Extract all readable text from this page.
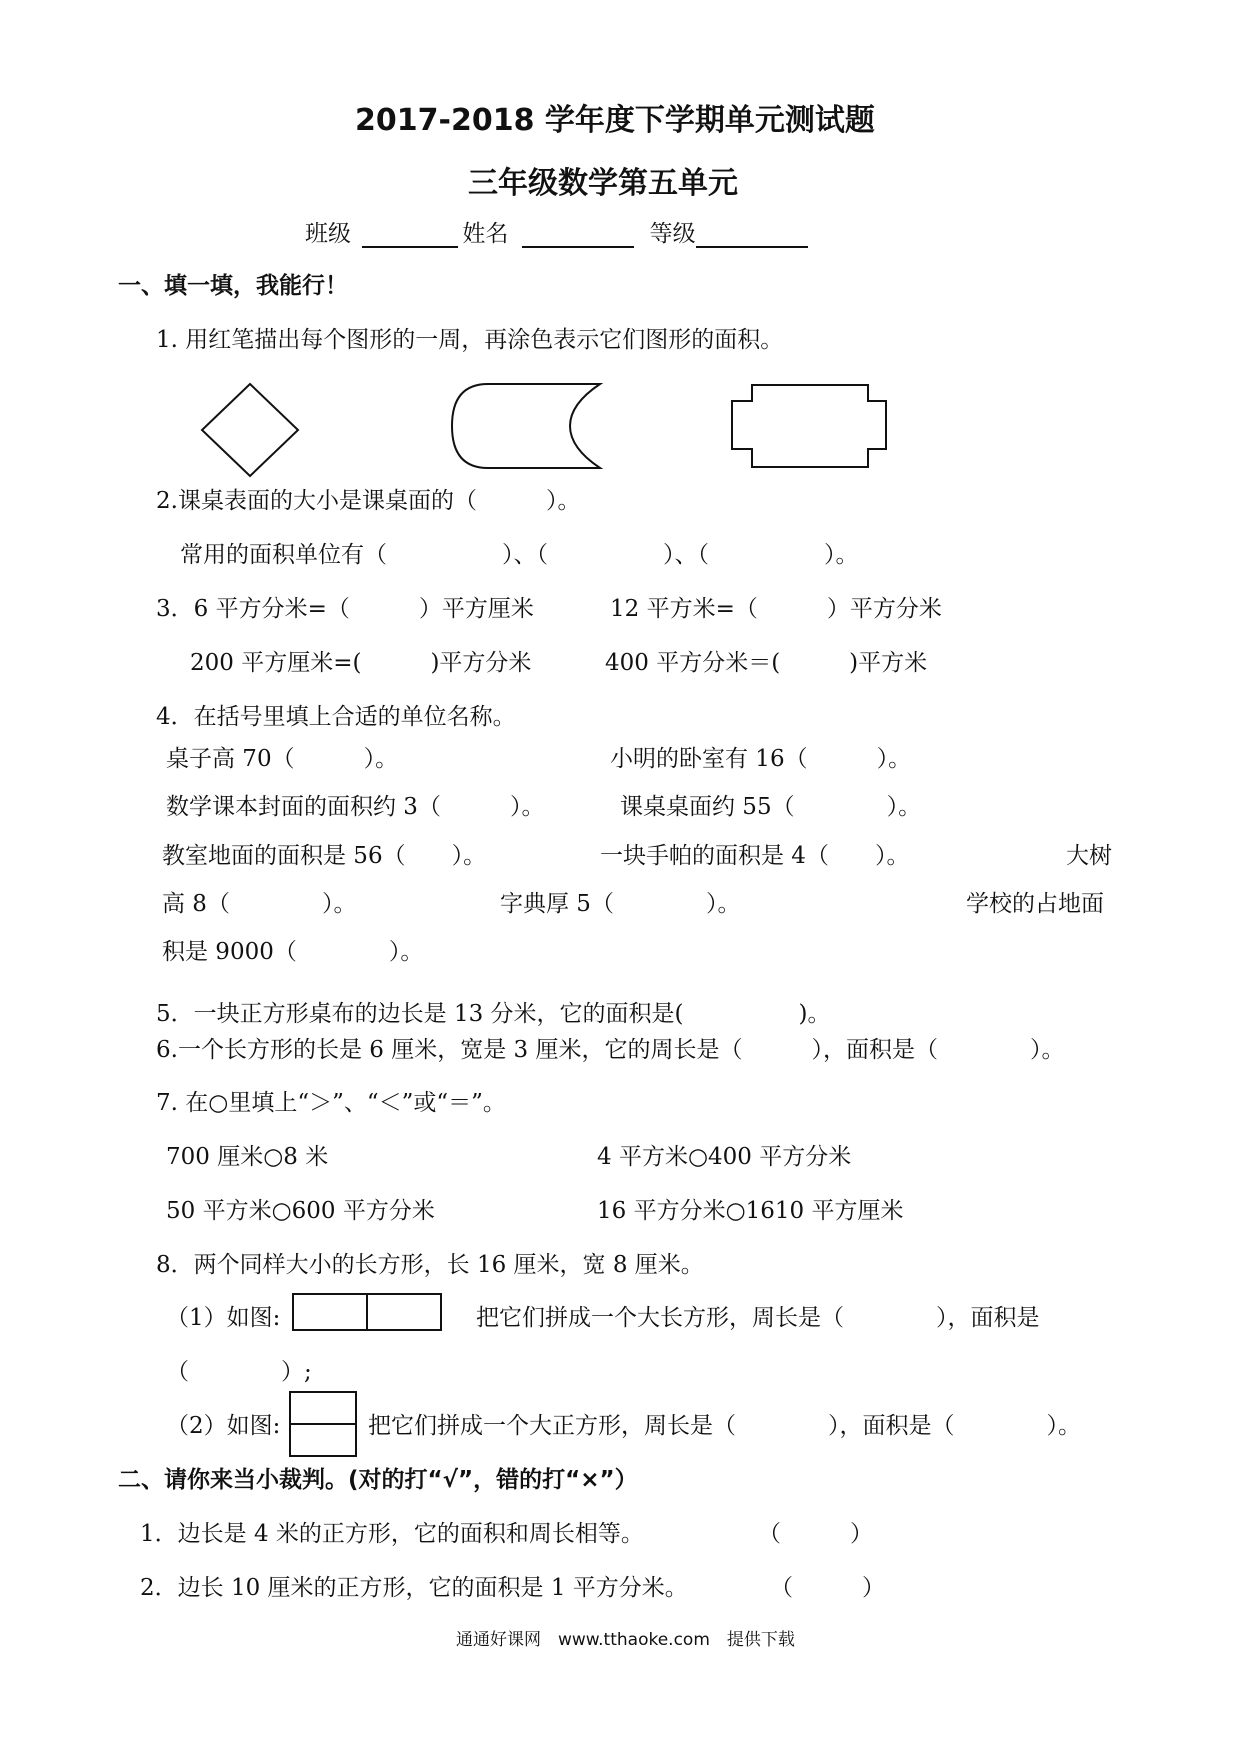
2017-2018 学年度下学期单元测试题
三年级数学第五单元
班级	姓名	等级
一、填一填，我能行！
1. 用红笔描出每个图形的一周，再涂色表示它们图形的面积。
2.课桌表面的大小是课桌面的（　　　）。
常用的面积单位有（　　　　　）、（　　　　　）、（　　　　　）。
3．6 平方分米=（　　　）平方厘米	12 平方米=（　　　）平方分米
200 平方厘米=(　　　)平方分米	400 平方分米＝(　　　)平方米
4．在括号里填上合适的单位名称。
桌子高 70（　　　）。	小明的卧室有 16（　　　）。
数学课本封面的面积约 3（　　　）。	课桌桌面约 55（　　　　）。
教室地面的面积是 56（　　）。	一块手帕的面积是 4（　　）。	大树
高 8（　　　　）。	字典厚 5（　　　　）。	学校的占地面
积是 9000（　　　　）。
5．一块正方形桌布的边长是 13 分米，它的面积是(　　　　　)。
6.一个长方形的长是 6 厘米，宽是 3 厘米，它的周长是（　　　），面积是（　　　　）。
7. 在○里填上“＞”、“＜”或“＝”。
700 厘米○8 米	4 平方米○400 平方分米
50 平方米○600 平方分米	16 平方分米○1610 平方厘米
8．两个同样大小的长方形，长 16 厘米，宽 8 厘米。
（1）如图:	把它们拼成一个大长方形，周长是（　　　　），面积是
（　　　　）;
（2）如图:	把它们拼成一个大正方形，周长是（　　　　），面积是（　　　　）。
二、请你来当小裁判。(对的打“√”，错的打“×”）
1．边长是 4 米的正方形，它的面积和周长相等。	（　　　）
2．边长 10 厘米的正方形，它的面积是 1 平方分米。	（　　　）
通通好课网　www.tthaoke.com　提供下载
